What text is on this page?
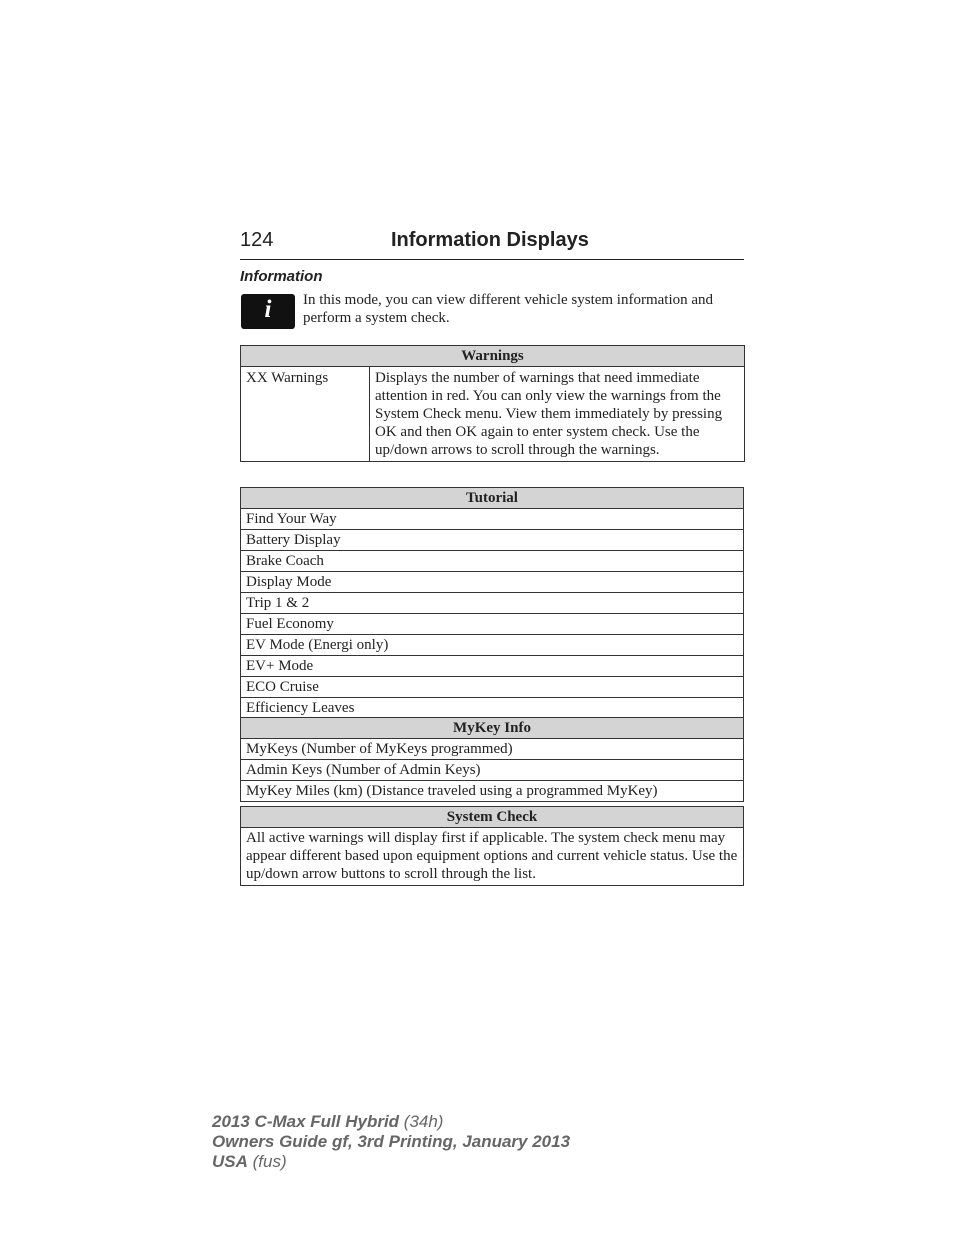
124	Information Displays
Information
i	In this mode, you can view different vehicle system information and perform a system check.
Warnings
XX Warnings	Displays the number of warnings that need immediate attention in red. You can only view the warnings from the System Check menu. View them immediately by pressing OK and then OK again to enter system check. Use the up/down arrows to scroll through the warnings.
Tutorial
Find Your Way
Battery Display
Brake Coach
Display Mode
Trip 1 & 2
Fuel Economy
EV Mode (Energi only)
EV+ Mode
ECO Cruise
Efficiency Leaves
MyKey Info
MyKeys (Number of MyKeys programmed)
Admin Keys (Number of Admin Keys)
MyKey Miles (km) (Distance traveled using a programmed MyKey)
System Check
All active warnings will display first if applicable. The system check menu may appear different based upon equipment options and current vehicle status. Use the up/down arrow buttons to scroll through the list.
2013 C-Max Full Hybrid (34h)
Owners Guide gf, 3rd Printing, January 2013
USA (fus)
